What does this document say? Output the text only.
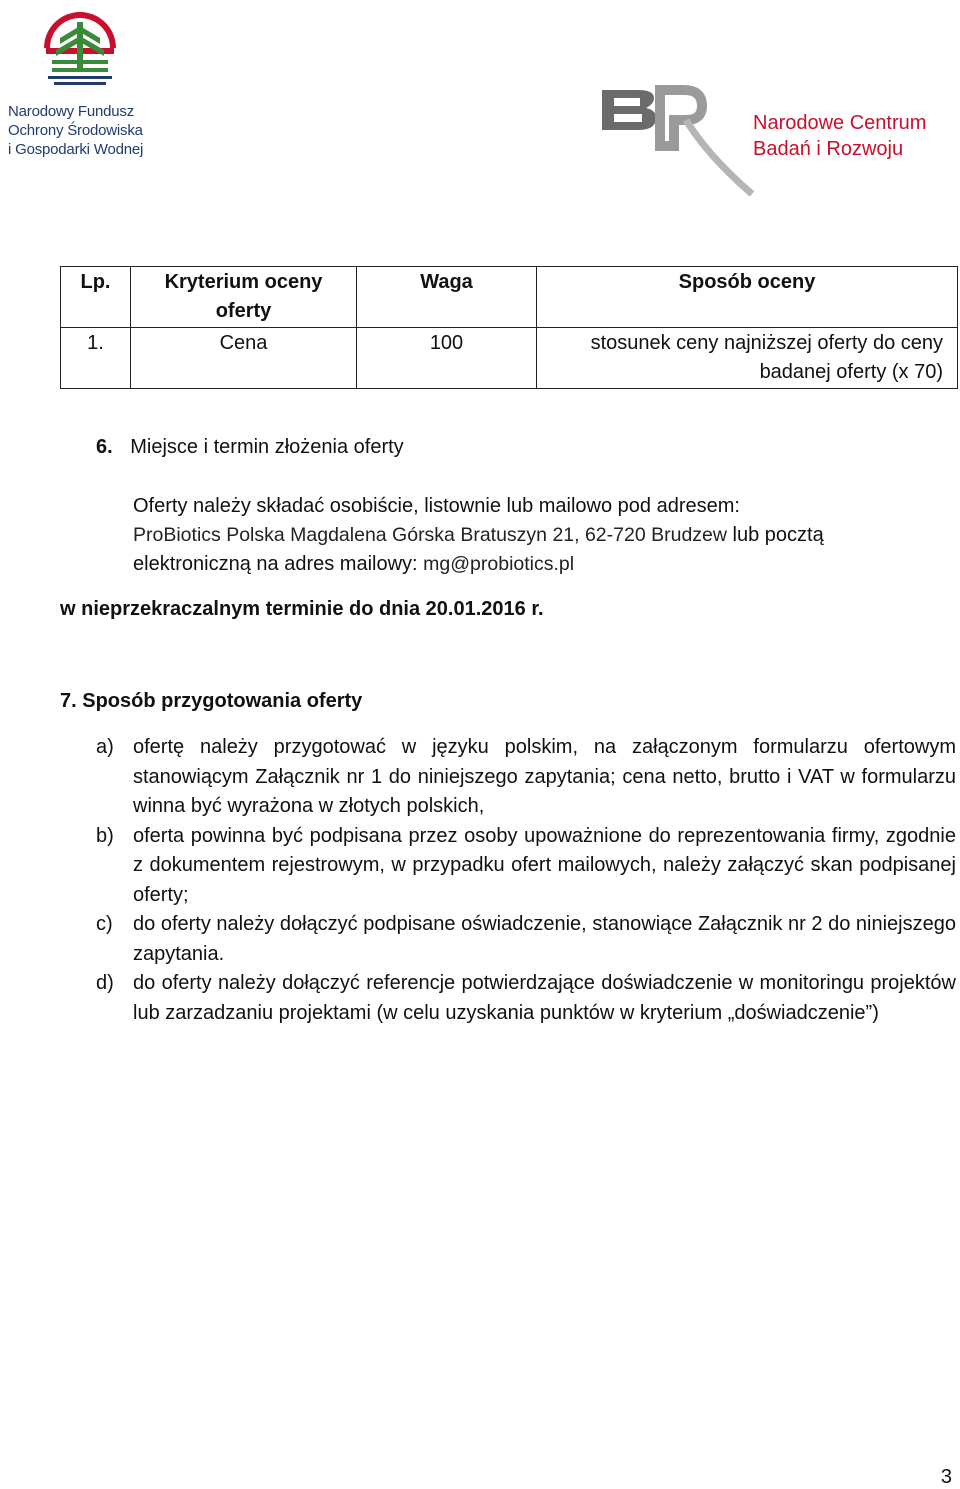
Narodowy Fundusz
Ochrony Środowiska
i Gospodarki Wodnej
Narodowe Centrum
Badań i Rozwoju
Lp.	Kryterium oceny oferty	Waga	Sposób oceny
1.	Cena	100	stosunek ceny najniższej oferty do ceny badanej oferty (x 70)
6. Miejsce i termin złożenia oferty
Oferty należy składać osobiście, listownie lub mailowo pod adresem:
ProBiotics Polska Magdalena Górska Bratuszyn 21, 62-720 Brudzew lub pocztą
elektroniczną na adres mailowy: mg@probiotics.pl
w nieprzekraczalnym terminie do dnia 20.01.2016 r.
7. Sposób przygotowania oferty
a) ofertę należy przygotować w języku polskim, na załączonym formularzu ofertowym stanowiącym Załącznik nr 1 do niniejszego zapytania; cena netto, brutto i VAT w formularzu winna być wyrażona w złotych polskich,
b) oferta powinna być podpisana przez osoby upoważnione do reprezentowania firmy, zgodnie z dokumentem rejestrowym, w przypadku ofert mailowych, należy załączyć skan podpisanej oferty;
c) do oferty należy dołączyć podpisane oświadczenie, stanowiące Załącznik nr 2 do niniejszego zapytania.
d) do oferty należy dołączyć referencje potwierdzające doświadczenie w monitoringu projektów lub zarzadzaniu projektami (w celu uzyskania punktów w kryterium „doświadczenie”)
3
